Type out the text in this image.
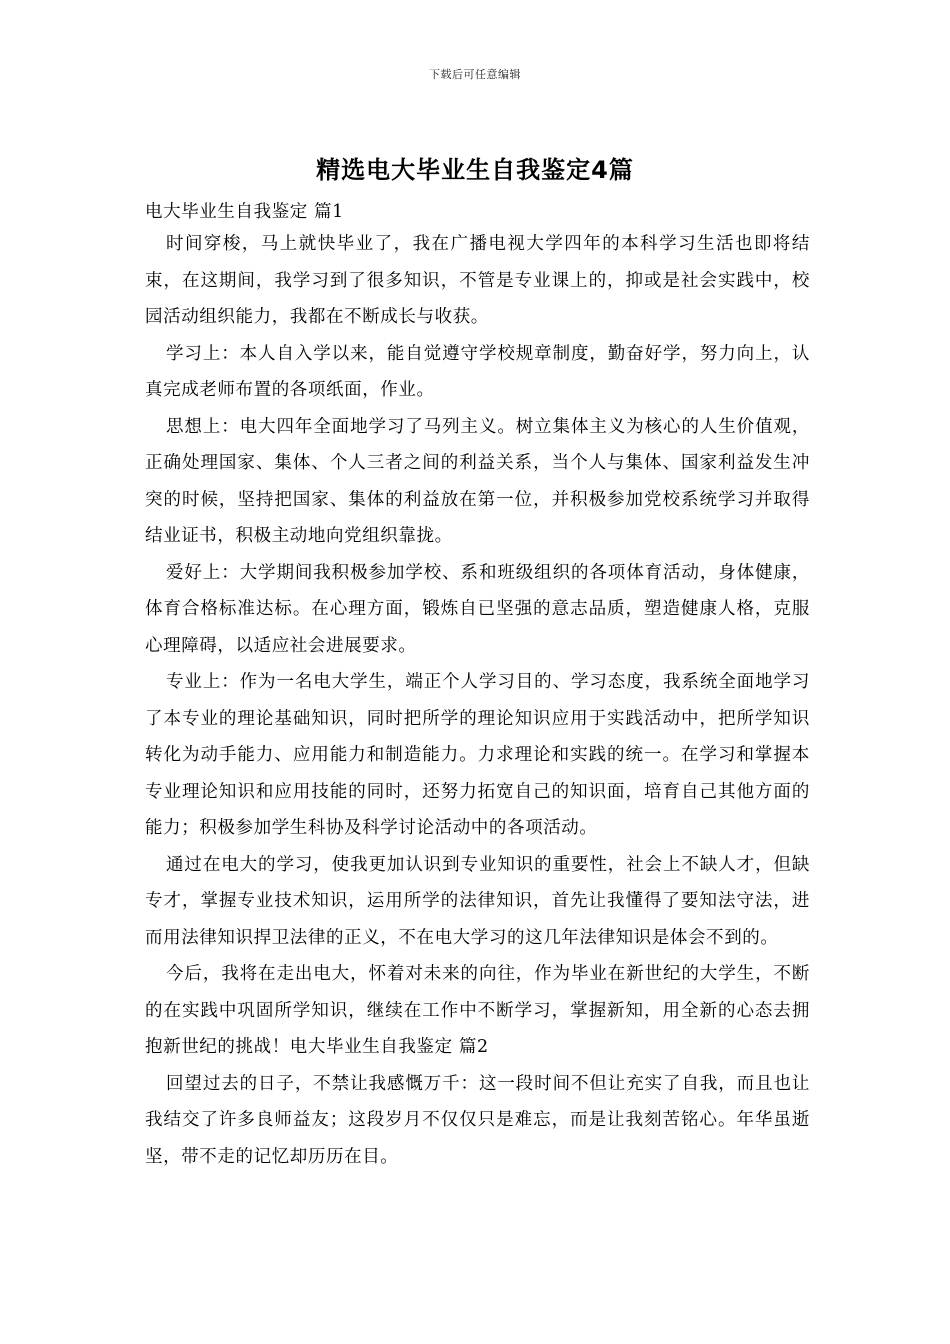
下载后可任意编辑
精选电大毕业生自我鉴定4篇

电大毕业生自我鉴定 篇1

时间穿梭，马上就快毕业了，我在广播电视大学四年的本科学习生活也即将结束，在这期间，我学习到了很多知识，不管是专业课上的，抑或是社会实践中，校园活动组织能力，我都在不断成长与收获。

学习上：本人自入学以来，能自觉遵守学校规章制度，勤奋好学，努力向上，认真完成老师布置的各项纸面，作业。

思想上：电大四年全面地学习了马列主义。树立集体主义为核心的人生价值观，正确处理国家、集体、个人三者之间的利益关系，当个人与集体、国家利益发生冲突的时候，坚持把国家、集体的利益放在第一位，并积极参加党校系统学习并取得结业证书，积极主动地向党组织靠拢。

爱好上：大学期间我积极参加学校、系和班级组织的各项体育活动，身体健康，体育合格标准达标。在心理方面，锻炼自已坚强的意志品质，塑造健康人格，克服心理障碍，以适应社会进展要求。

专业上：作为一名电大学生，端正个人学习目的、学习态度，我系统全面地学习了本专业的理论基础知识，同时把所学的理论知识应用于实践活动中，把所学知识转化为动手能力、应用能力和制造能力。力求理论和实践的统一。在学习和掌握本专业理论知识和应用技能的同时，还努力拓宽自己的知识面，培育自己其他方面的能力；积极参加学生科协及科学讨论活动中的各项活动。

通过在电大的学习，使我更加认识到专业知识的重要性，社会上不缺人才，但缺专才，掌握专业技术知识，运用所学的法律知识，首先让我懂得了要知法守法，进而用法律知识捍卫法律的正义，不在电大学习的这几年法律知识是体会不到的。

今后，我将在走出电大，怀着对未来的向往，作为毕业在新世纪的大学生，不断的在实践中巩固所学知识，继续在工作中不断学习，掌握新知，用全新的心态去拥抱新世纪的挑战！电大毕业生自我鉴定 篇2

回望过去的日子，不禁让我感慨万千：这一段时间不但让充实了自我，而且也让我结交了许多良师益友；这段岁月不仅仅只是难忘，而是让我刻苦铭心。年华虽逝坚，带不走的记忆却历历在目。
